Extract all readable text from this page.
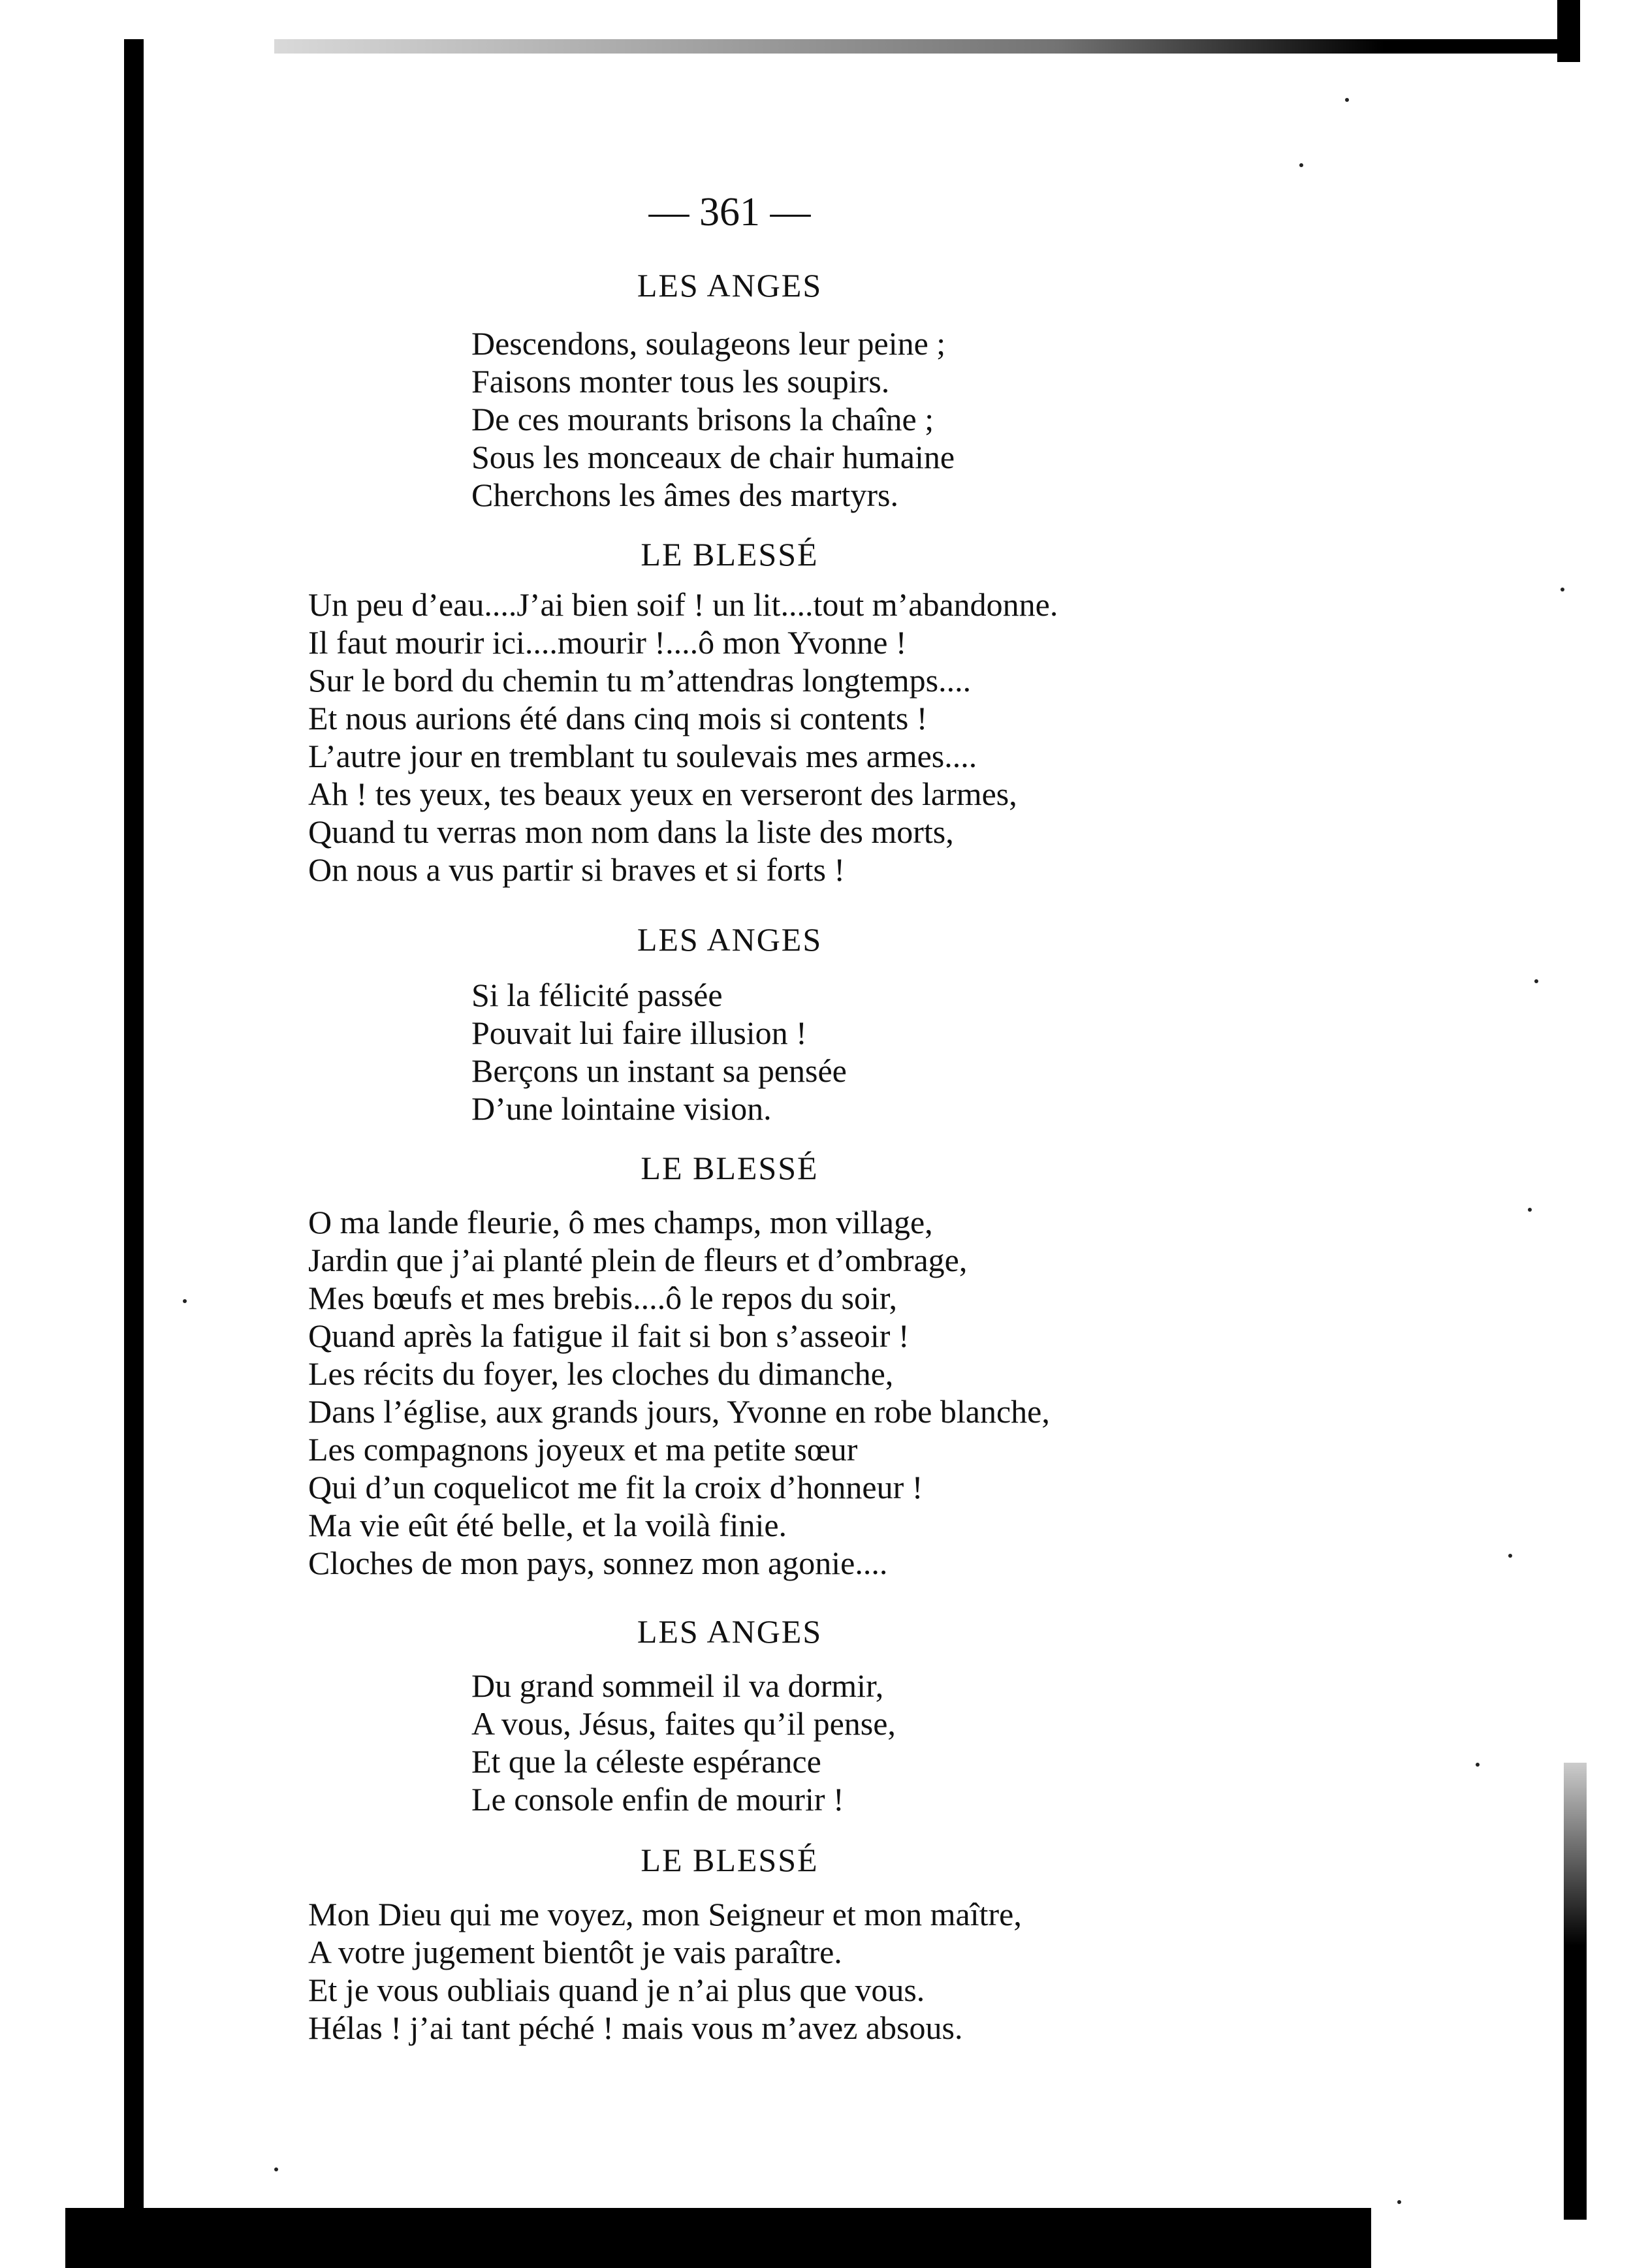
— 361 —
LES ANGES
Descendons, soulageons leur peine ;
Faisons monter tous les soupirs.
De ces mourants brisons la chaîne ;
Sous les monceaux de chair humaine
Cherchons les âmes des martyrs.
LE BLESSÉ
Un peu d’eau....J’ai bien soif ! un lit....tout m’abandonne.
Il faut mourir ici....mourir !....ô mon Yvonne !
Sur le bord du chemin tu m’attendras longtemps....
Et nous aurions été dans cinq mois si contents !
L’autre jour en tremblant tu soulevais mes armes....
Ah ! tes yeux, tes beaux yeux en verseront des larmes,
Quand tu verras mon nom dans la liste des morts,
On nous a vus partir si braves et si forts !
LES ANGES
Si la félicité passée
Pouvait lui faire illusion !
Berçons un instant sa pensée
D’une lointaine vision.
LE BLESSÉ
O ma lande fleurie, ô mes champs, mon village,
Jardin que j’ai planté plein de fleurs et d’ombrage,
Mes bœufs et mes brebis....ô le repos du soir,
Quand après la fatigue il fait si bon s’asseoir !
Les récits du foyer, les cloches du dimanche,
Dans l’église, aux grands jours, Yvonne en robe blanche,
Les compagnons joyeux et ma petite sœur
Qui d’un coquelicot me fit la croix d’honneur !
Ma vie eût été belle, et la voilà finie.
Cloches de mon pays, sonnez mon agonie....
LES ANGES
Du grand sommeil il va dormir,
A vous, Jésus, faites qu’il pense,
Et que la céleste espérance
Le console enfin de mourir !
LE BLESSÉ
Mon Dieu qui me voyez, mon Seigneur et mon maître,
A votre jugement bientôt je vais paraître.
Et je vous oubliais quand je n’ai plus que vous.
Hélas ! j’ai tant péché ! mais vous m’avez absous.
